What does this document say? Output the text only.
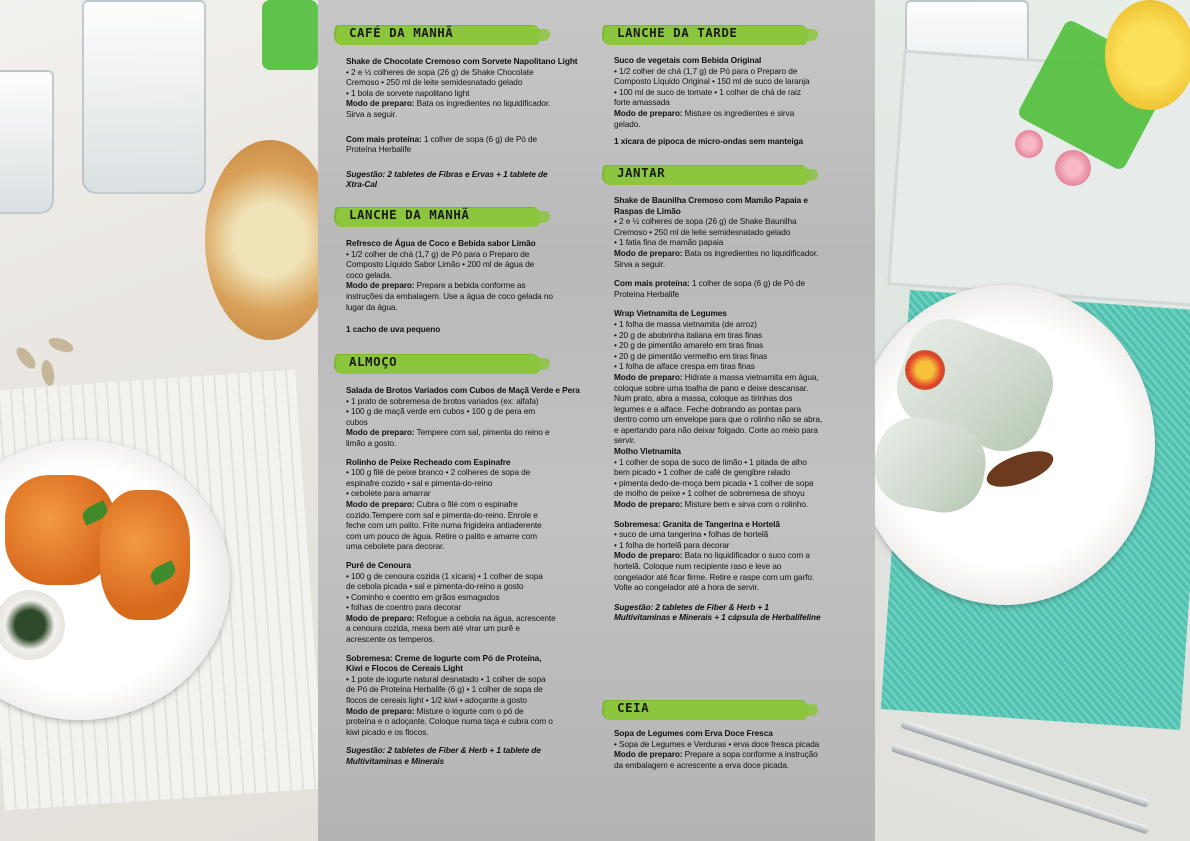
CAFÉ DA MANHÃ

Shake de Chocolate Cremoso com Sorvete Napolitano Light

• 2 e ½ colheres de sopa (26 g) de Shake Chocolate

Cremoso • 250 ml de leite semidesnatado gelado

• 1 bola de sorvete napolitano light

Modo de preparo: Bata os ingredientes no liquidificador.

Sirva a seguir.

Com mais proteína: 1 colher de sopa (6 g) de Pó de

Proteína Herbalife

Sugestão: 2 tabletes de Fibras e Ervas + 1 tablete de

Xtra-Cal

LANCHE DA MANHÃ

Refresco de Água de Coco e Bebida sabor Limão

• 1/2 colher de chá (1,7 g) de Pó para o Preparo de

Composto Líquido Sabor Limão • 200 ml de água de

coco gelada.

Modo de preparo: Prepare a bebida conforme as

instruções da embalagem. Use a água de coco gelada no

lugar da água.

1 cacho de uva pequeno

ALMOÇO

Salada de Brotos Variados com Cubos de Maçã Verde e Pera

• 1 prato de sobremesa de brotos variados (ex: alfafa)

• 100 g de maçã verde em cubos • 100 g de pera em

cubos

Modo de preparo: Tempere com sal, pimenta do reino e

limão a gosto.

Rolinho de Peixe Recheado com Espinafre

• 100 g filé de peixe branco • 2 colheres de sopa de

espinafre cozido • sal e pimenta-do-reino

• cebolete para amarrar

Modo de preparo: Cubra o filé com o espinafre

cozido.Tempere com sal e pimenta-do-reino. Enrole e

feche com um palito. Frite numa frigideira antiaderente

com um pouco de água. Retire o palito e amarre com

uma cebolete para decorar.

Purê de Cenoura

• 100 g de cenoura cozida (1 xícara) • 1 colher de sopa

de cebola picada • sal e pimenta-do-reino a gosto

• Cominho e coentro em grãos esmagados

• folhas de coentro para decorar

Modo de preparo: Refogue a cebola na água, acrescente

a cenoura cozida, mexa bem até virar um purê e

acrescente os temperos.

Sobremesa: Creme de Iogurte com Pó de Proteína,

Kiwi e Flocos de Cereais Light

• 1 pote de iogurte natural desnatado • 1 colher de sopa

de Pó de Proteína Herbalife (6 g) • 1 colher de sopa de

flocos de cereais light • 1/2 kiwi • adoçante a gosto

Modo de preparo: Misture o iogurte com o pó de

proteína e o adoçante. Coloque numa taça e cubra com o

kiwi picado e os flocos.

Sugestão: 2 tabletes de Fiber & Herb + 1 tablete de

Multivitaminas e Minerais

LANCHE DA TARDE

Suco de vegetais com Bebida Original

• 1/2 colher de chá (1,7 g) de Pó para o Preparo de

Composto Líquido Original • 150 ml de suco de laranja

• 100 ml de suco de tomate • 1 colher de chá de raiz

forte amassada

Modo de preparo: Misture os ingredientes e sirva

gelado.

1 xícara de pipoca de micro-ondas sem manteiga

JANTAR

Shake de Baunilha Cremoso com Mamão Papaia e

Raspas de Limão

• 2 e ½ colheres de sopa (26 g) de Shake Baunilha

Cremoso • 250 ml de leite semidesnatado gelado

• 1 fatia fina de mamão papaia

Modo de preparo: Bata os ingredientes no liquidificador.

Sirva a seguir.

Com mais proteína: 1 colher de sopa (6 g) de Pó de

Proteína Herbalife

Wrap Vietnamita de Legumes

• 1 folha de massa vietnamita (de arroz)

• 20 g de abobrinha italiana em tiras finas

• 20 g de pimentão amarelo em tiras finas

• 20 g de pimentão vermelho em tiras finas

• 1 folha de alface crespa em tiras finas

Modo de preparo: Hidrate a massa vietnamita em água,

coloque sobre uma toalha de pano e deixe descansar.

Num prato, abra a massa, coloque as tirinhas dos

legumes e a alface. Feche dobrando as pontas para

dentro como um envelope para que o rolinho não se abra,

e apertando para não deixar folgado. Corte ao meio para

servir.

Molho Vietnamita

• 1 colher de sopa de suco de limão • 1 pitada de alho

bem picado • 1 colher de café de gengibre ralado

• pimenta dedo-de-moça bem picada • 1 colher de sopa

de molho de peixe • 1 colher de sobremesa de shoyu

Modo de preparo: Misture bem e sirva com o rolinho.

Sobremesa: Granita de Tangerina e Hortelã

• suco de uma tangerina • folhas de hortelã

• 1 folha de hortelã para decorar

Modo de preparo: Bata no liquidificador o suco com a

hortelã. Coloque num recipiente raso e leve ao

congelador até ficar firme. Retire e raspe com um garfo.

Volte ao congelador até a hora de servir.

Sugestão: 2 tabletes de Fiber & Herb + 1

Multivitaminas e Minerais + 1 cápsula de Herbalifeline

CEIA

Sopa de Legumes com Erva Doce Fresca

• Sopa de Legumes e Verduras • erva doce fresca picada

Modo de preparo: Prepare a sopa conforme a instrução

da embalagem e acrescente a erva doce picada.
